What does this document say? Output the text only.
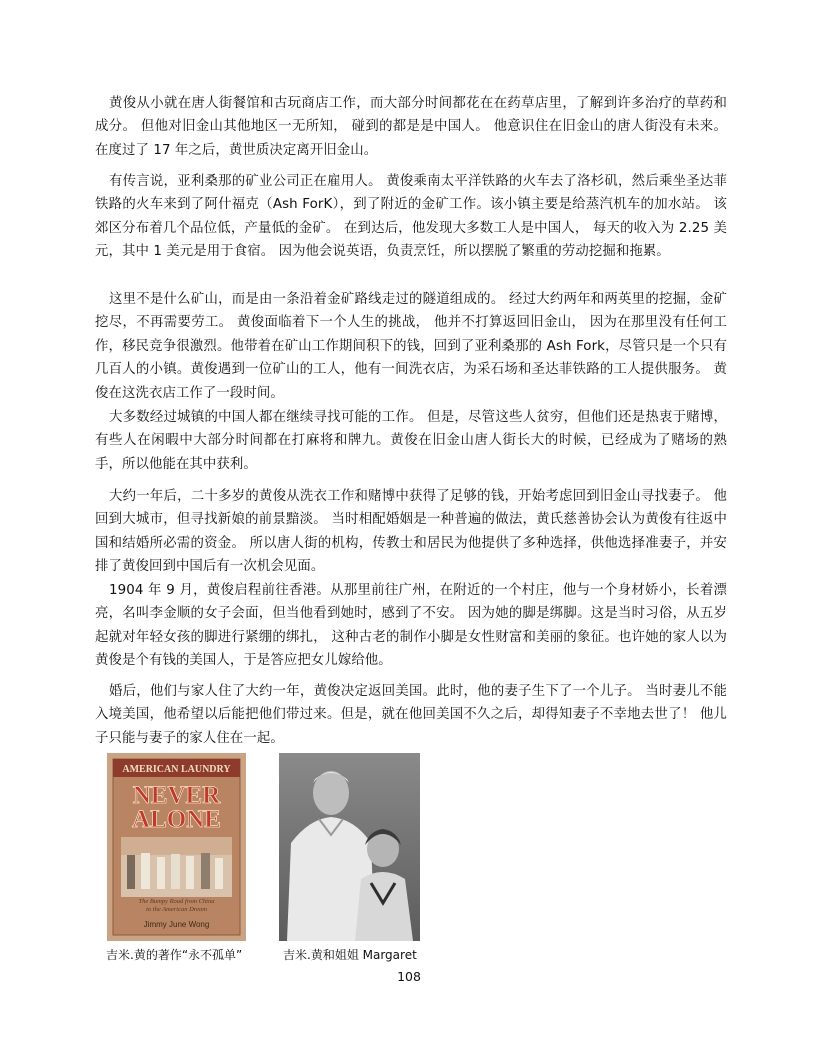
黄俊从小就在唐人街餐馆和古玩商店工作，而大部分时间都花在在药草店里，了解到许多治疗的草药和成分。 但他对旧金山其他地区一无所知， 碰到的都是是中国人。 他意识住在旧金山的唐人街没有未来。在度过了 17 年之后，黄世质决定离开旧金山。

有传言说，亚利桑那的矿业公司正在雇用人。 黄俊乘南太平洋铁路的火车去了洛杉矶，然后乘坐圣达菲铁路的火车来到了阿什福克（Ash ForK），到了附近的金矿工作。该小镇主要是给蒸汽机车的加水站。 该郊区分布着几个品位低，产量低的金矿。 在到达后，他发现大多数工人是中国人， 每天的收入为 2.25 美元，其中 1 美元是用于食宿。 因为他会说英语，负责烹饪，所以摆脱了繁重的劳动挖掘和拖累。

这里不是什么矿山，而是由一条沿着金矿路线走过的隧道组成的。 经过大约两年和两英里的挖掘，金矿挖尽，不再需要劳工。 黄俊面临着下一个人生的挑战， 他并不打算返回旧金山， 因为在那里没有任何工作，移民竞争很激烈。他带着在矿山工作期间积下的钱，回到了亚利桑那的 Ash Fork，尽管只是一个只有几百人的小镇。黄俊遇到一位矿山的工人，他有一间洗衣店，为采石场和圣达菲铁路的工人提供服务。 黄俊在这洗衣店工作了一段时间。

大多数经过城镇的中国人都在继续寻找可能的工作。 但是，尽管这些人贫穷，但他们还是热衷于赌博，有些人在闲暇中大部分时间都在打麻将和牌九。黄俊在旧金山唐人街长大的时候，已经成为了赌场的熟手，所以他能在其中获利。

大约一年后，二十多岁的黄俊从洗衣工作和赌博中获得了足够的钱，开始考虑回到旧金山寻找妻子。 他回到大城市，但寻找新娘的前景黯淡。 当时相配婚姻是一种普遍的做法，黄氏慈善协会认为黄俊有往返中国和结婚所必需的资金。 所以唐人街的机构，传教士和居民为他提供了多种选择，供他选择准妻子，并安排了黄俊回到中国后有一次机会见面。

1904 年 9 月，黄俊启程前往香港。从那里前往广州，在附近的一个村庄，他与一个身材娇小，长着漂亮，名叫李金顺的女子会面，但当他看到她时，感到了不安。 因为她的脚是绑脚。这是当时习俗，从五岁起就对年轻女孩的脚进行紧绷的绑扎， 这种古老的制作小脚是女性财富和美丽的象征。也许她的家人以为黄俊是个有钱的美国人，于是答应把女儿嫁给他。

婚后，他们与家人住了大约一年，黄俊决定返回美国。此时，他的妻子生下了一个儿子。 当时妻儿不能入境美国，他希望以后能把他们带过来。但是，就在他回美国不久之后，却得知妻子不幸地去世了！ 他儿子只能与妻子的家人住在一起。

AMERICAN LAUNDRY
NEVER
ALONE
The Bumpy Road from China
to the American Dream
Jimmy June Wong

吉米.黄的著作“永不孤单”	吉米.黄和姐姐 Margaret

108
